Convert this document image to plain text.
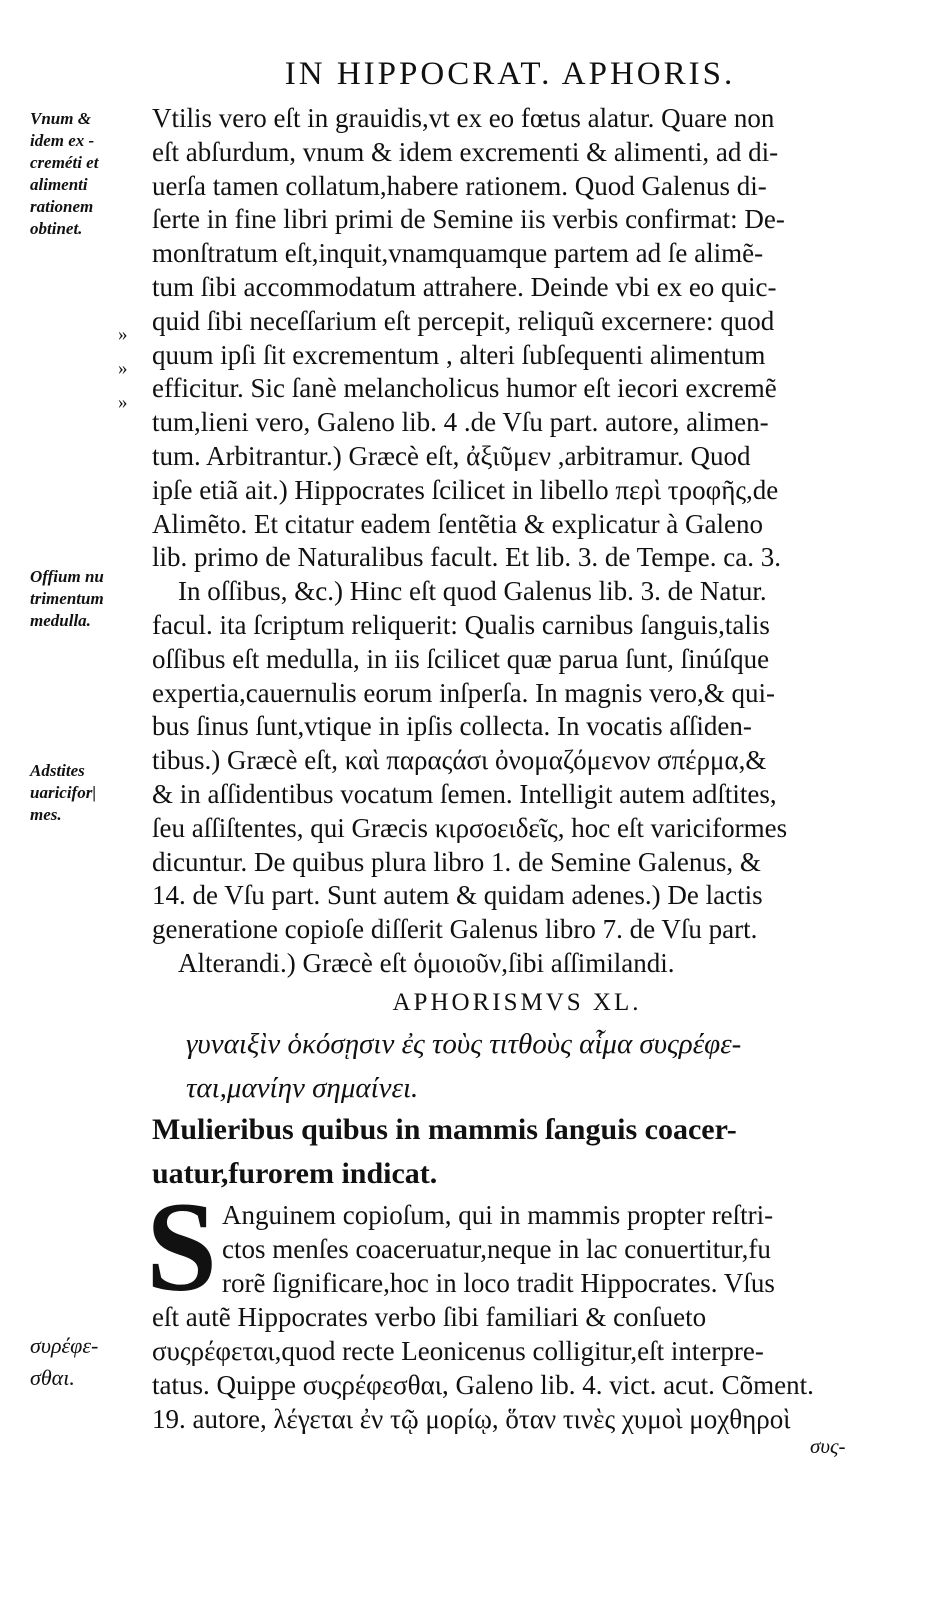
IN HIPPOCRAT. APHORIS.
Vnum &
idem ex -
creméti et
alimenti
rationem
obtinet.
Offium nu
trimentum
medulla.
Adstites
uaricifor|
mes.
»
»
»
Vtilis vero eſt in grauidis,vt ex eo fœtus alatur. Quare non
eſt abſurdum, vnum & idem excrementi & alimenti, ad di-
uerſa tamen collatum,habere rationem. Quod Galenus di-
ſerte in fine libri primi de Semine iis verbis confirmat: De-
monſtratum eſt,inquit,vnamquamque partem ad ſe alimẽ-
tum ſibi accommodatum attrahere. Deinde vbi ex eo quic-
quid ſibi neceſſarium eſt percepit, reliquũ excernere: quod
quum ipſi ſit excrementum , alteri ſubſequenti alimentum
efficitur. Sic ſanè melancholicus humor eſt iecori excremẽ
tum,lieni vero, Galeno lib. 4 .de Vſu part. autore, alimen-
tum. Arbitrantur.) Græcè eſt, ἀξιῦμεν ,arbitramur. Quod
ipſe etiã ait.) Hippocrates ſcilicet in libello περὶ τροφῆς,de
Alimẽto. Et citatur eadem ſentẽtia & explicatur à Galeno
lib. primo de Naturalibus facult. Et lib. 3. de Tempe. ca. 3.
In oſſibus, &c.) Hinc eſt quod Galenus lib. 3. de Natur.
facul. ita ſcriptum reliquerit: Qualis carnibus ſanguis,talis
oſſibus eſt medulla, in iis ſcilicet quæ parua ſunt, ſinúſque
expertia,cauernulis eorum inſperſa. In magnis vero,& qui-
bus ſinus ſunt,vtique in ipſis collecta. In vocatis aſſiden-
tibus.) Græcè eſt, καὶ παραςάσι ὀνομαζόμενον σπέρμα,&
& in aſſidentibus vocatum ſemen. Intelligit autem adſtites,
ſeu aſſiſtentes, qui Græcis κιρσοειδεῖς, hoc eſt variciformes
dicuntur. De quibus plura libro 1. de Semine Galenus, &
14. de Vſu part. Sunt autem & quidam adenes.) De lactis
generatione copioſe diſſerit Galenus libro 7. de Vſu part.
Alterandi.) Græcè eſt ὁμοιοῦν,ſibi aſſimilandi.
APHORISMVS XL.
γυναιξὶν ὁκόσῃσιν ἐς τοὺς τιτθοὺς αἷμα συςρέφε-
ται,μανίην σημαίνει.
Mulieribus quibus in mammis ſanguis coacer-
uatur,furorem indicat.
S Anguinem copioſum, qui in mammis propter reſtri-
ctos menſes coaceruatur,neque in lac conuertitur,fu
rorẽ ſignificare,hoc in loco tradit Hippocrates. Vſus
eſt autẽ Hippocrates verbo ſibi familiari & conſueto
συςρέφεται,quod recte Leonicenus colligitur,eſt interpre-
tatus. Quippe συςρέφεσθαι, Galeno lib. 4. vict. acut. Cõment.
19. autore, λέγεται ἐν τῷ μορίῳ, ὅταν τινὲς χυμοὶ μοχθηροὶ
συρέφε-
σθαι.
συς-
